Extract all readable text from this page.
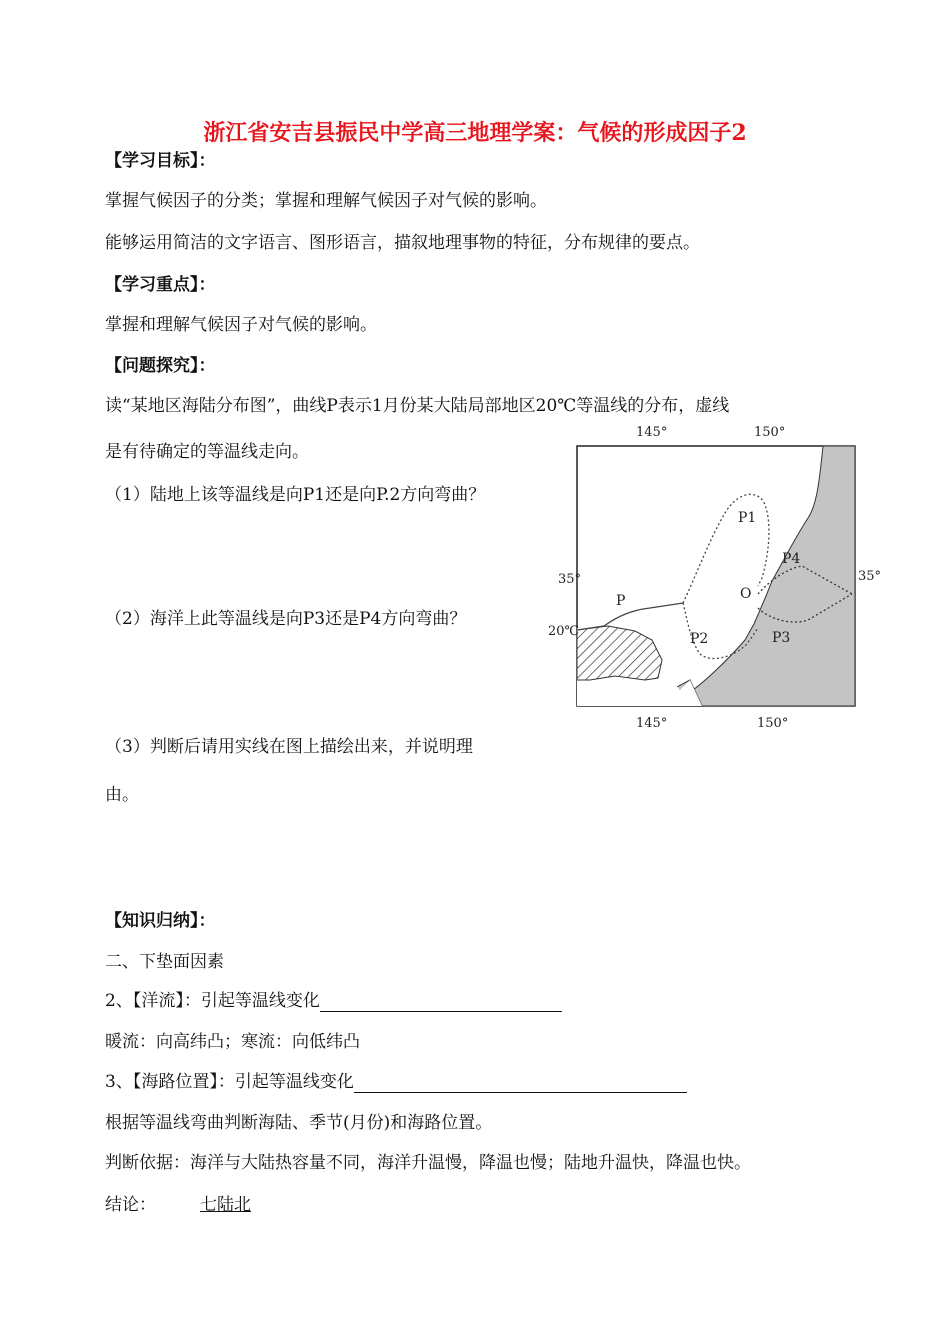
浙江省安吉县振民中学高三地理学案：气候的形成因子2
【学习目标】：
掌握气候因子的分类；掌握和理解气候因子对气候的影响。
能够运用简洁的文字语言、图形语言，描叙地理事物的特征，分布规律的要点。
【学习重点】：
掌握和理解气候因子对气候的影响。
【问题探究】：
读“某地区海陆分布图”，曲线P表示1月份某大陆局部地区20℃等温线的分布，虚线
是有待确定的等温线走向。
（1）陆地上该等温线是向P1还是向P.2方向弯曲？
（2）海洋上此等温线是向P3还是P4方向弯曲？
（3）判断后请用实线在图上描绘出来，并说明理
由。
145°	150°
145°	150°
35°	35°
20℃
P
P1
P2	P3
P4
O
【知识归纳】：
二、下垫面因素
2、【洋流】：引起等温线变化
暖流：向高纬凸；寒流：向低纬凸
3、【海路位置】：引起等温线变化
根据等温线弯曲判断海陆、季节(月份)和海路位置。
判断依据：海洋与大陆热容量不同，海洋升温慢，降温也慢；陆地升温快，降温也快。
结论：	七陆北
